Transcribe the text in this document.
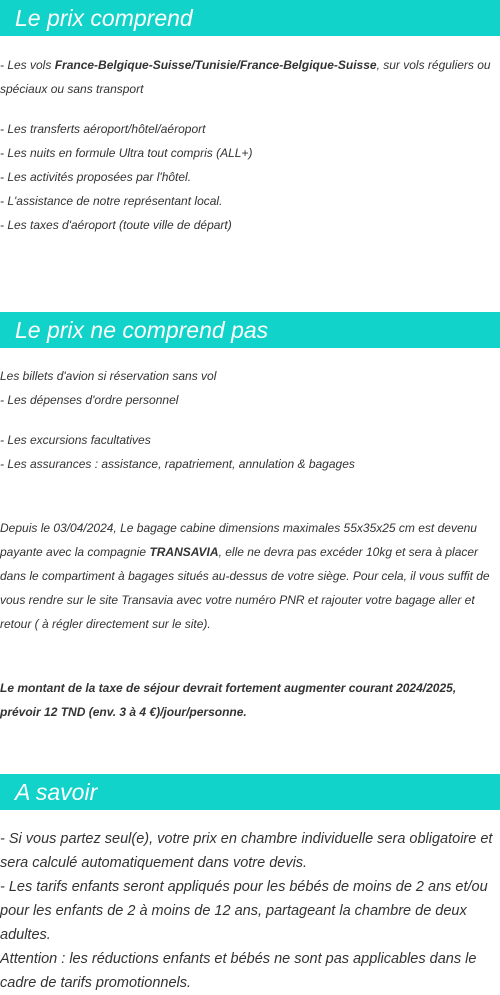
Le prix comprend

- Les vols France-Belgique-Suisse/Tunisie/France-Belgique-Suisse, sur vols réguliers ou spéciaux ou sans transport

- Les transferts aéroport/hôtel/aéroport

- Les nuits en formule Ultra tout compris (ALL+)

- Les activités proposées par l'hôtel.

- L'assistance de notre représentant local.

- Les taxes d'aéroport (toute ville de départ)

Le prix ne comprend pas

Les billets d'avion si réservation sans vol

- Les dépenses d'ordre personnel

- Les excursions facultatives

- Les assurances : assistance, rapatriement, annulation & bagages

Depuis le 03/04/2024, Le bagage cabine dimensions maximales 55x35x25 cm est devenu payante avec la compagnie TRANSAVIA, elle ne devra pas excéder 10kg et sera à placer dans le compartiment à bagages situés au-dessus de votre siège. Pour cela, il vous suffit de vous rendre sur le site Transavia avec votre numéro PNR et rajouter votre bagage aller et retour ( à régler directement sur le site).

Le montant de la taxe de séjour devrait fortement augmenter courant 2024/2025, prévoir 12 TND (env. 3 à 4 €)/jour/personne.

A savoir

- Si vous partez seul(e), votre prix en chambre individuelle sera obligatoire et sera calculé automatiquement dans votre devis.

- Les tarifs enfants seront appliqués pour les bébés de moins de 2 ans et/ou pour les enfants de 2 à moins de 12 ans, partageant la chambre de deux adultes.

Attention : les réductions enfants et bébés ne sont pas applicables dans le cadre de tarifs promotionnels.
